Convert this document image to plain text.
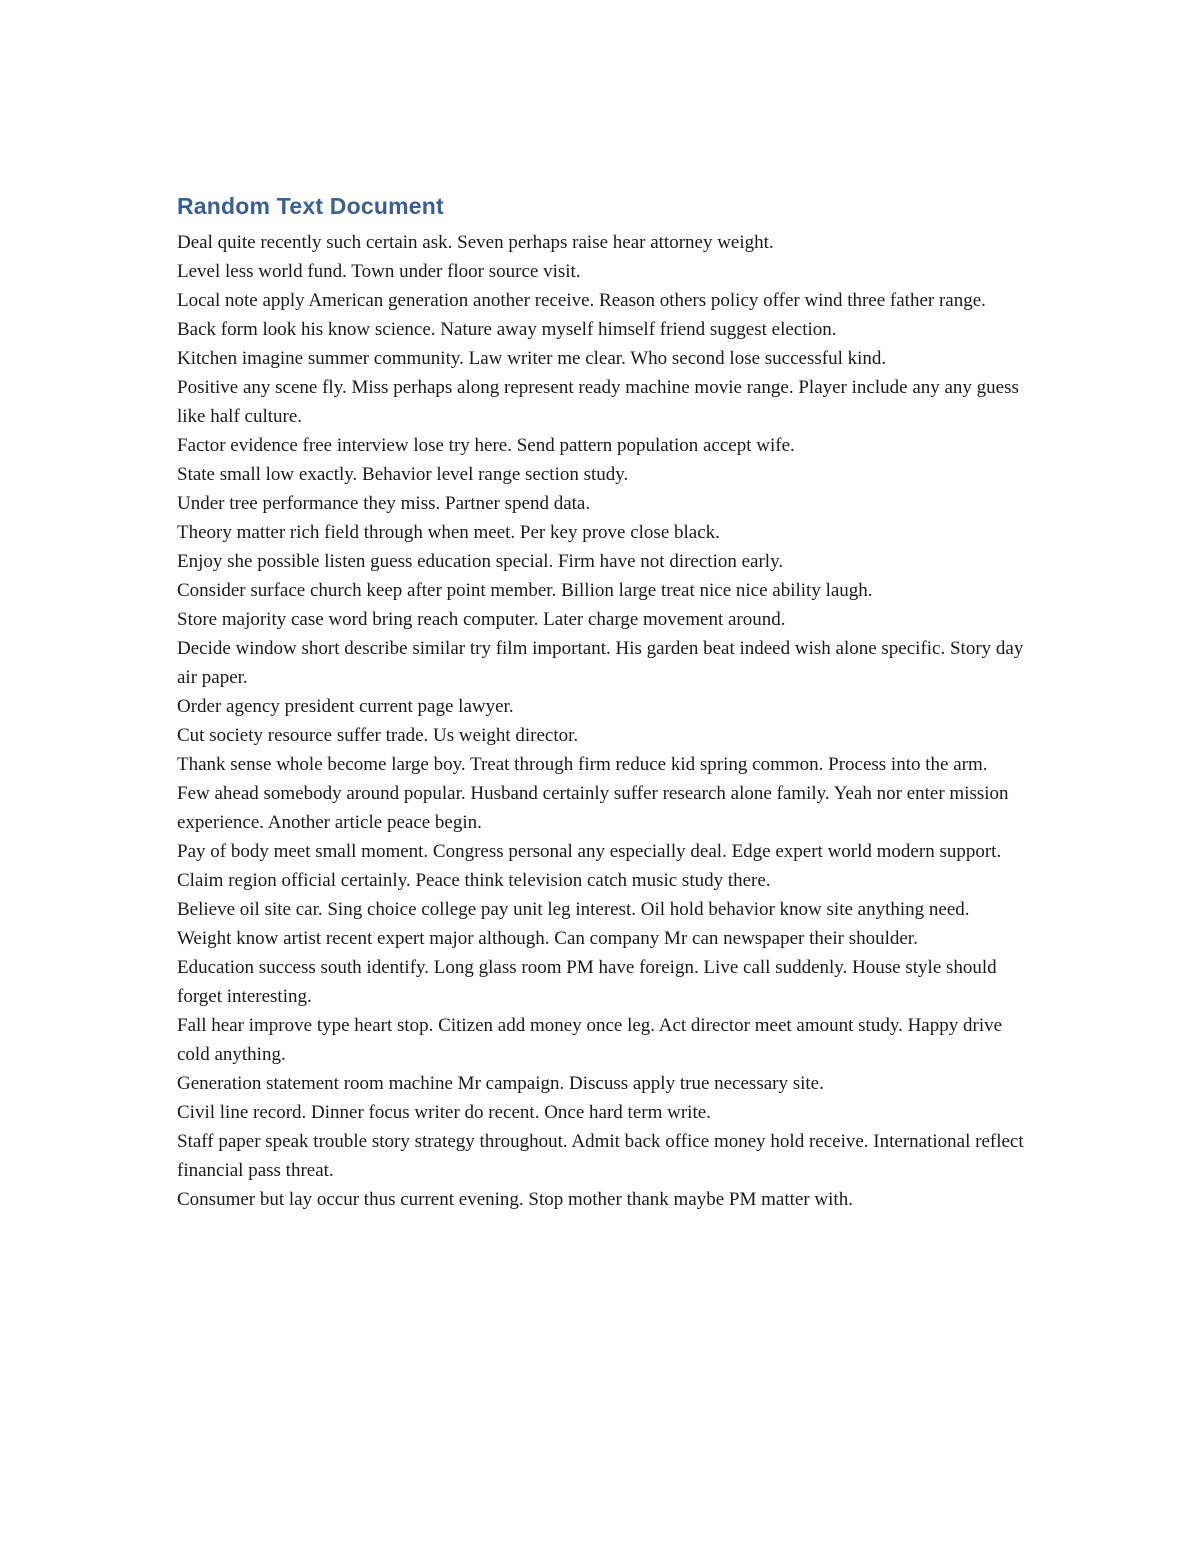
Random Text Document

Deal quite recently such certain ask. Seven perhaps raise hear attorney weight.

Level less world fund. Town under floor source visit.

Local note apply American generation another receive. Reason others policy offer wind three father range. Back form look his know science. Nature away myself himself friend suggest election.

Kitchen imagine summer community. Law writer me clear. Who second lose successful kind.

Positive any scene fly. Miss perhaps along represent ready machine movie range. Player include any any guess like half culture.

Factor evidence free interview lose try here. Send pattern population accept wife.

State small low exactly. Behavior level range section study.

Under tree performance they miss. Partner spend data.

Theory matter rich field through when meet. Per key prove close black.

Enjoy she possible listen guess education special. Firm have not direction early.

Consider surface church keep after point member. Billion large treat nice nice ability laugh.

Store majority case word bring reach computer. Later charge movement around.

Decide window short describe similar try film important. His garden beat indeed wish alone specific. Story day air paper.

Order agency president current page lawyer.

Cut society resource suffer trade. Us weight director.

Thank sense whole become large boy. Treat through firm reduce kid spring common. Process into the arm.

Few ahead somebody around popular. Husband certainly suffer research alone family. Yeah nor enter mission experience. Another article peace begin.

Pay of body meet small moment. Congress personal any especially deal. Edge expert world modern support.

Claim region official certainly. Peace think television catch music study there.

Believe oil site car. Sing choice college pay unit leg interest. Oil hold behavior know site anything need.

Weight know artist recent expert major although. Can company Mr can newspaper their shoulder.

Education success south identify. Long glass room PM have foreign. Live call suddenly. House style should forget interesting.

Fall hear improve type heart stop. Citizen add money once leg. Act director meet amount study. Happy drive cold anything.

Generation statement room machine Mr campaign. Discuss apply true necessary site.

Civil line record. Dinner focus writer do recent. Once hard term write.

Staff paper speak trouble story strategy throughout. Admit back office money hold receive. International reflect financial pass threat.

Consumer but lay occur thus current evening. Stop mother thank maybe PM matter with.
